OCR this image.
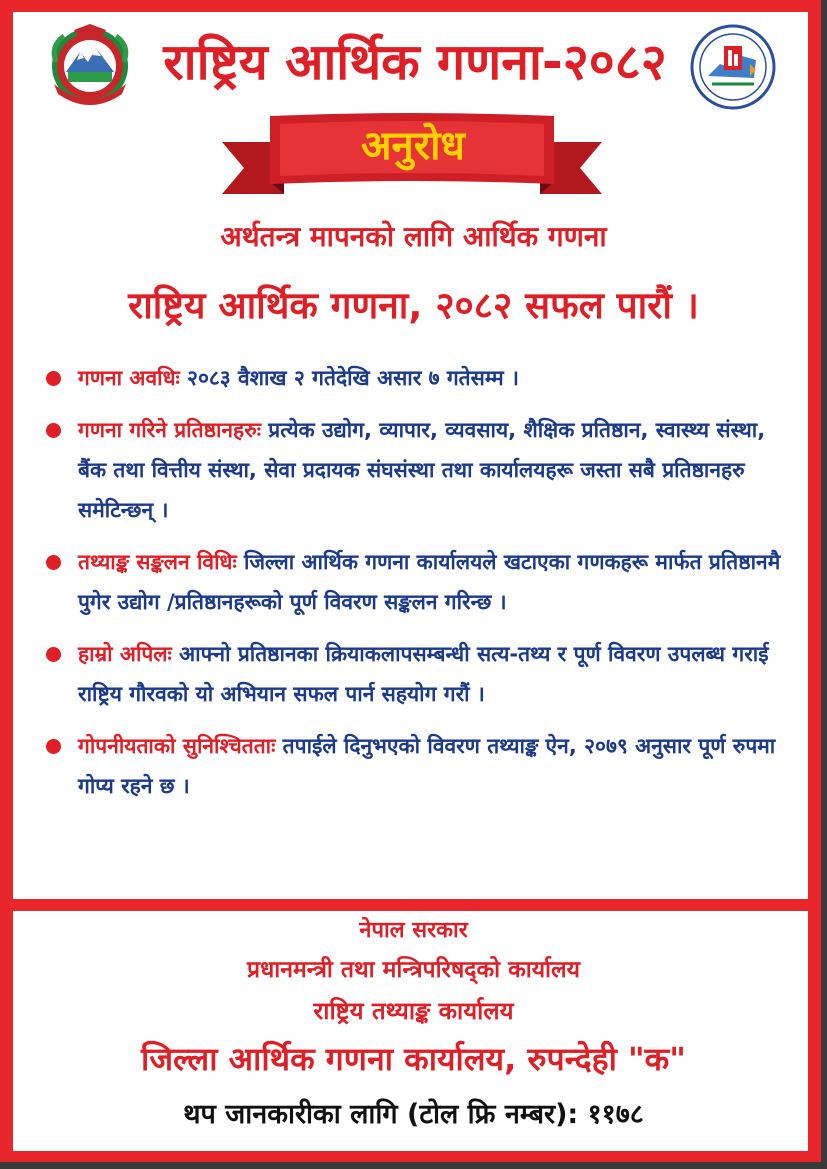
राष्ट्रिय आर्थिक गणना-२०८२
अनुरोध
अर्थतन्त्र मापनको लागि आर्थिक गणना
राष्ट्रिय आर्थिक गणना, २०८२ सफल पारौं ।
गणना अवधिः २०८३ वैशाख २ गतेदेखि असार ७ गतेसम्म ।
गणना गरिने प्रतिष्ठानहरुः प्रत्येक उद्योग, व्यापार, व्यवसाय, शैक्षिक प्रतिष्ठान, स्वास्थ्य संस्था, बैंक तथा वित्तीय संस्था, सेवा प्रदायक संघसंस्था तथा कार्यालयहरू जस्ता सबै प्रतिष्ठानहरु समेटिन्छन् ।
तथ्याङ्क सङ्कलन विधिः जिल्ला आर्थिक गणना कार्यालयले खटाएका गणकहरू मार्फत प्रतिष्ठानमै पुगेर उद्योग /प्रतिष्ठानहरूको पूर्ण विवरण सङ्कलन गरिन्छ ।
हाम्रो अपिलः आफ्नो प्रतिष्ठानका क्रियाकलापसम्बन्धी सत्य-तथ्य र पूर्ण विवरण उपलब्ध गराई राष्ट्रिय गौरवको यो अभियान सफल पार्न सहयोग गरौं ।
गोपनीयताको सुनिश्चितताः तपाईले दिनुभएको विवरण तथ्याङ्क ऐन, २०७९ अनुसार पूर्ण रुपमा गोप्य रहने छ ।
नेपाल सरकार
प्रधानमन्त्री तथा मन्त्रिपरिषद्को कार्यालय
राष्ट्रिय तथ्याङ्क कार्यालय
जिल्ला आर्थिक गणना कार्यालय, रुपन्देही "क"
थप जानकारीका लागि (टोल फ्रि नम्बर): ११७८
